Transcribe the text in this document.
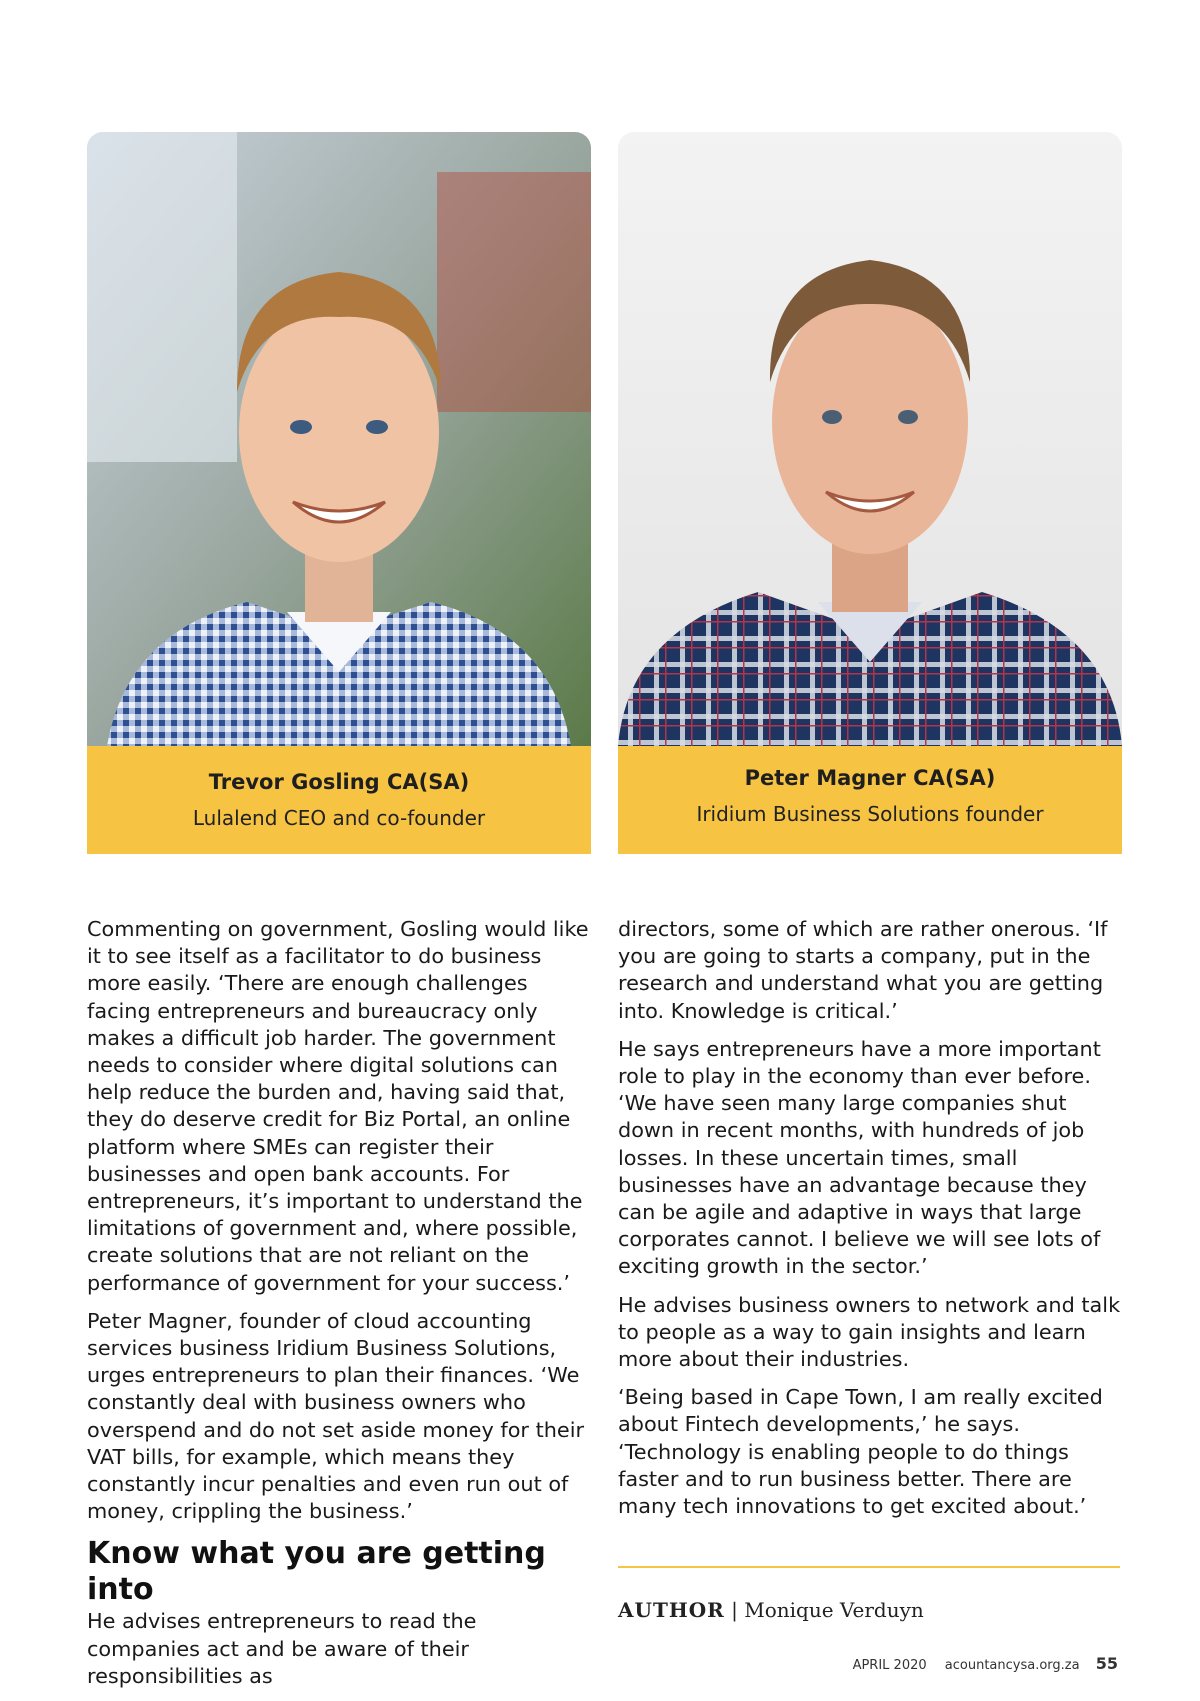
Trevor Gosling CA(SA)
Lulalend CEO and co-founder
Peter Magner CA(SA)
Iridium Business Solutions founder

Commenting on government, Gosling would like it to see itself as a facilitator to do business more easily. ‘There are enough challenges facing entrepreneurs and bureaucracy only makes a difficult job harder. The government needs to consider where digital solutions can help reduce the burden and, having said that, they do deserve credit for Biz Portal, an online platform where SMEs can register their businesses and open bank accounts. For entrepreneurs, it’s important to understand the limitations of government and, where possible, create solutions that are not reliant on the performance of government for your success.’

Peter Magner, founder of cloud accounting services business Iridium Business Solutions, urges entrepreneurs to plan their finances. ‘We constantly deal with business owners who overspend and do not set aside money for their VAT bills, for example, which means they constantly incur penalties and even run out of money, crippling the business.’

Know what you are getting into

He advises entrepreneurs to read the companies act and be aware of their responsibilities as

directors, some of which are rather onerous. ‘If you are going to starts a company, put in the research and understand what you are getting into. Knowledge is critical.’

He says entrepreneurs have a more important role to play in the economy than ever before. ‘We have seen many large companies shut down in recent months, with hundreds of job losses. In these uncertain times, small businesses have an advantage because they can be agile and adaptive in ways that large corporates cannot. I believe we will see lots of exciting growth in the sector.’

He advises business owners to network and talk to people as a way to gain insights and learn more about their industries.

‘Being based in Cape Town, I am really excited about Fintech developments,’ he says. ‘Technology is enabling people to do things faster and to run business better. There are many tech innovations to get excited about.’

AUTHOR | Monique Verduyn
APRIL 2020 acountancysa.org.za 55
